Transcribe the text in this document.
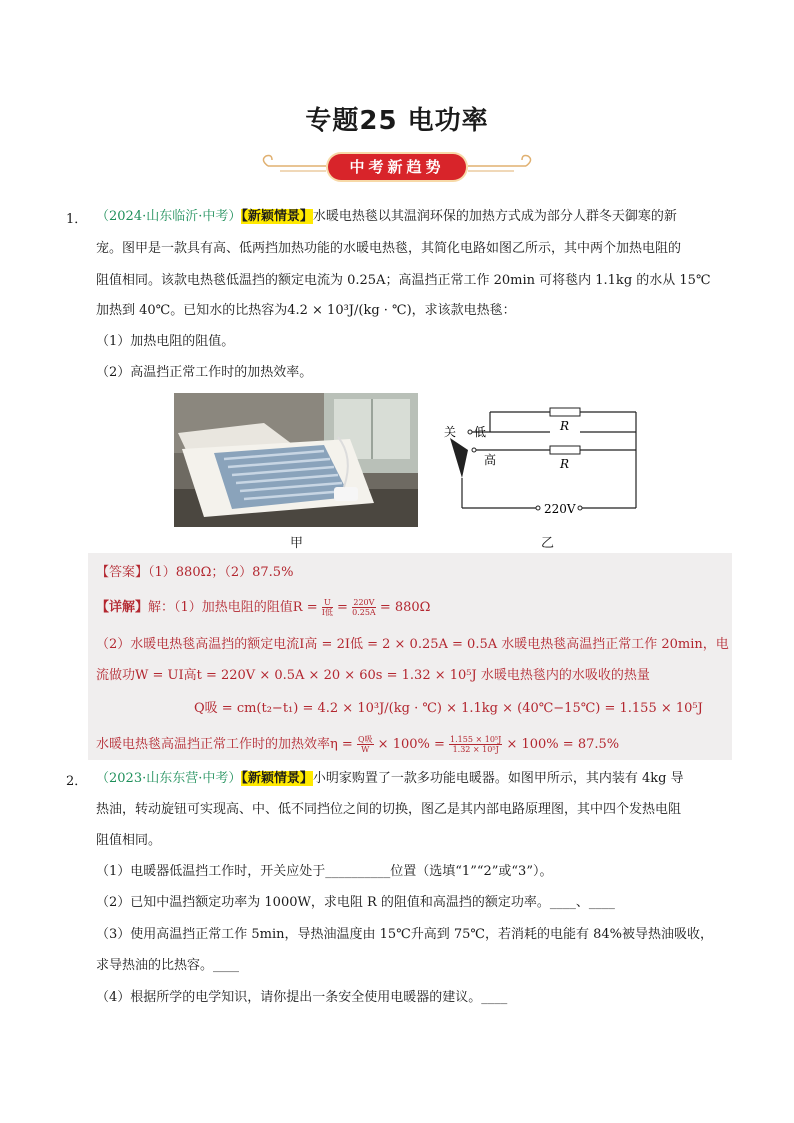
专题25 电功率
中考新趋势
1． （2024·山东临沂·中考）【新颖情景】水暖电热毯以其温润环保的加热方式成为部分人群冬天御寒的新
宠。图甲是一款具有高、低两挡加热功能的水暖电热毯，其简化电路如图乙所示，其中两个加热电阻的
阻值相同。该款电热毯低温挡的额定电流为 0.25A；高温挡正常工作 20min 可将毯内 1.1kg 的水从 15℃
加热到 40℃。已知水的比热容为4.2 × 10³J/(kg · ℃)，求该款电热毯：
（1）加热电阻的阻值。
（2）高温挡正常工作时的加热效率。
甲
关 低
高
R
R
220V
乙
【答案】（1）880Ω；（2）87.5%
【详解】解：（1）加热电阻的阻值$R = \frac{U}{\text{I低}} = \frac{220V}{0.25A} = 880\Omega$
（2）水暖电热毯高温挡的额定电流I高 = 2I低 = 2 × 0.25A = 0.5A 水暖电热毯高温挡正常工作 20min，电
流做功W = UI高t = 220V × 0.5A × 20 × 60s = 1.32 × 10⁵J 水暖电热毯内的水吸收的热量
Q吸 = cm(t₂−t₁) = 4.2 × 10³J/(kg · ℃) × 1.1kg × (40℃−15℃) = 1.155 × 10⁵J
水暖电热毯高温挡正常工作时的加热效率$\eta = \frac{\text{Q吸}}{W} \times 100\% = \frac{\text{1.155 × 10⁵J}}{\text{1.32 × 10⁵J}} \times 100\% = 87.5\%$
2． （2023·山东东营·中考）【新颖情景】小明家购置了一款多功能电暖器。如图甲所示，其内装有 4kg 导
热油，转动旋钮可实现高、中、低不同挡位之间的切换，图乙是其内部电路原理图，其中四个发热电阻
阻值相同。
（1）电暖器低温挡工作时，开关应处于__________位置（选填“1”“2”或“3”）。
（2）已知中温挡额定功率为 1000W，求电阻 R 的阻值和高温挡的额定功率。____、____
（3）使用高温挡正常工作 5min，导热油温度由 15℃升高到 75℃，若消耗的电能有 84%被导热油吸收，
求导热油的比热容。____
（4）根据所学的电学知识，请你提出一条安全使用电暖器的建议。____
